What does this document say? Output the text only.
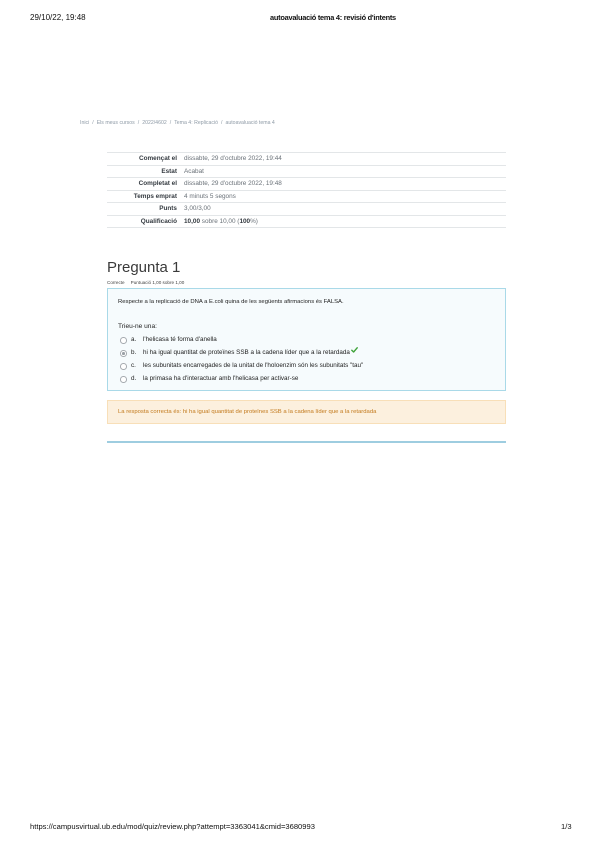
29/10/22, 19:48	autoavaluació tema 4: revisió d'intents
Inici / Els meus cursos / 2022/4602 / Tema 4: Replicació / autoavaluació tema 4
Començat el dissabte, 29 d'octubre 2022, 19:44
Estat Acabat
Completat el dissabte, 29 d'octubre 2022, 19:48
Temps emprat 4 minuts 5 segons
Punts 3,00/3,00
Qualificació 10,00 sobre 10,00 (100%)
Pregunta 1
Correcte Puntuació 1,00 sobre 1,00
Respecte a la replicació de DNA a E.coli quina de les següents afirmacions és FALSA.
Trieu-ne una:
a. l'helicasa té forma d'anella
b. hi ha igual quantitat de proteïnes SSB a la cadena líder que a la retardada
c. les subunitats encarregades de la unitat de l'holoenzim són les subunitats "tau"
d. la primasa ha d'interactuar amb l'helicasa per activar-se
La resposta correcta és: hi ha igual quantitat de proteïnes SSB a la cadena líder que a la retardada
https://campusvirtual.ub.edu/mod/quiz/review.php?attempt=3363041&cmid=3680993	1/3
